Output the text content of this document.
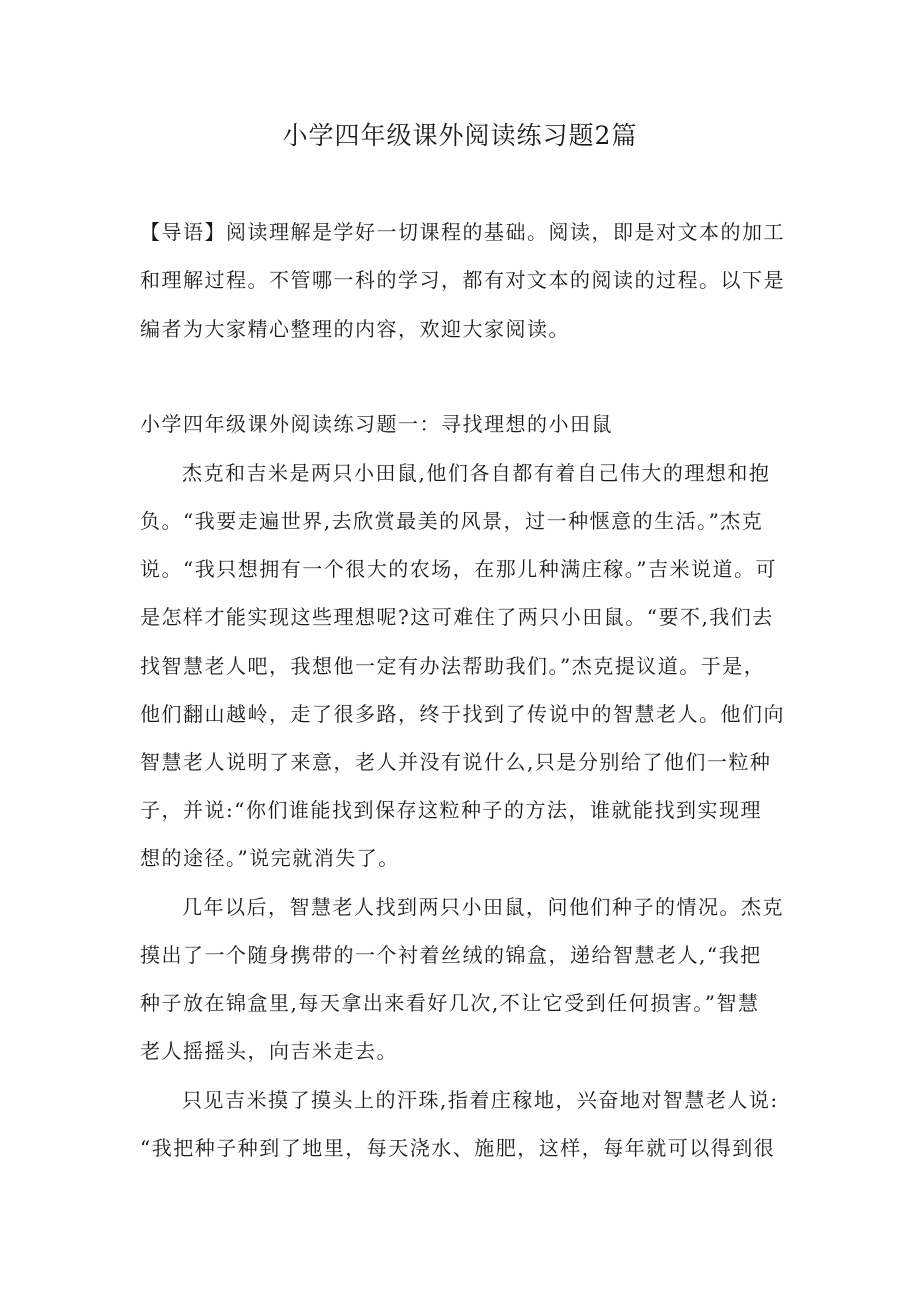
小学四年级课外阅读练习题2篇
【导语】阅读理解是学好一切课程的基础。阅读，即是对文本的加工
和理解过程。不管哪一科的学习，都有对文本的阅读的过程。以下是
编者为大家精心整理的内容，欢迎大家阅读。
小学四年级课外阅读练习题一：寻找理想的小田鼠
杰克和吉米是两只小田鼠,他们各自都有着自己伟大的理想和抱
负。“我要走遍世界,去欣赏最美的风景，过一种惬意的生活。”杰克
说。“我只想拥有一个很大的农场，在那儿种满庄稼。”吉米说道。可
是怎样才能实现这些理想呢?这可难住了两只小田鼠。“要不,我们去
找智慧老人吧，我想他一定有办法帮助我们。”杰克提议道。于是，
他们翻山越岭，走了很多路，终于找到了传说中的智慧老人。他们向
智慧老人说明了来意，老人并没有说什么,只是分别给了他们一粒种
子，并说:“你们谁能找到保存这粒种子的方法，谁就能找到实现理
想的途径。”说完就消失了。
几年以后，智慧老人找到两只小田鼠，问他们种子的情况。杰克
摸出了一个随身携带的一个衬着丝绒的锦盒，递给智慧老人,“我把
种子放在锦盒里,每天拿出来看好几次,不让它受到任何损害。”智慧
老人摇摇头，向吉米走去。
只见吉米摸了摸头上的汗珠,指着庄稼地，兴奋地对智慧老人说:
“我把种子种到了地里，每天浇水、施肥，这样，每年就可以得到很
